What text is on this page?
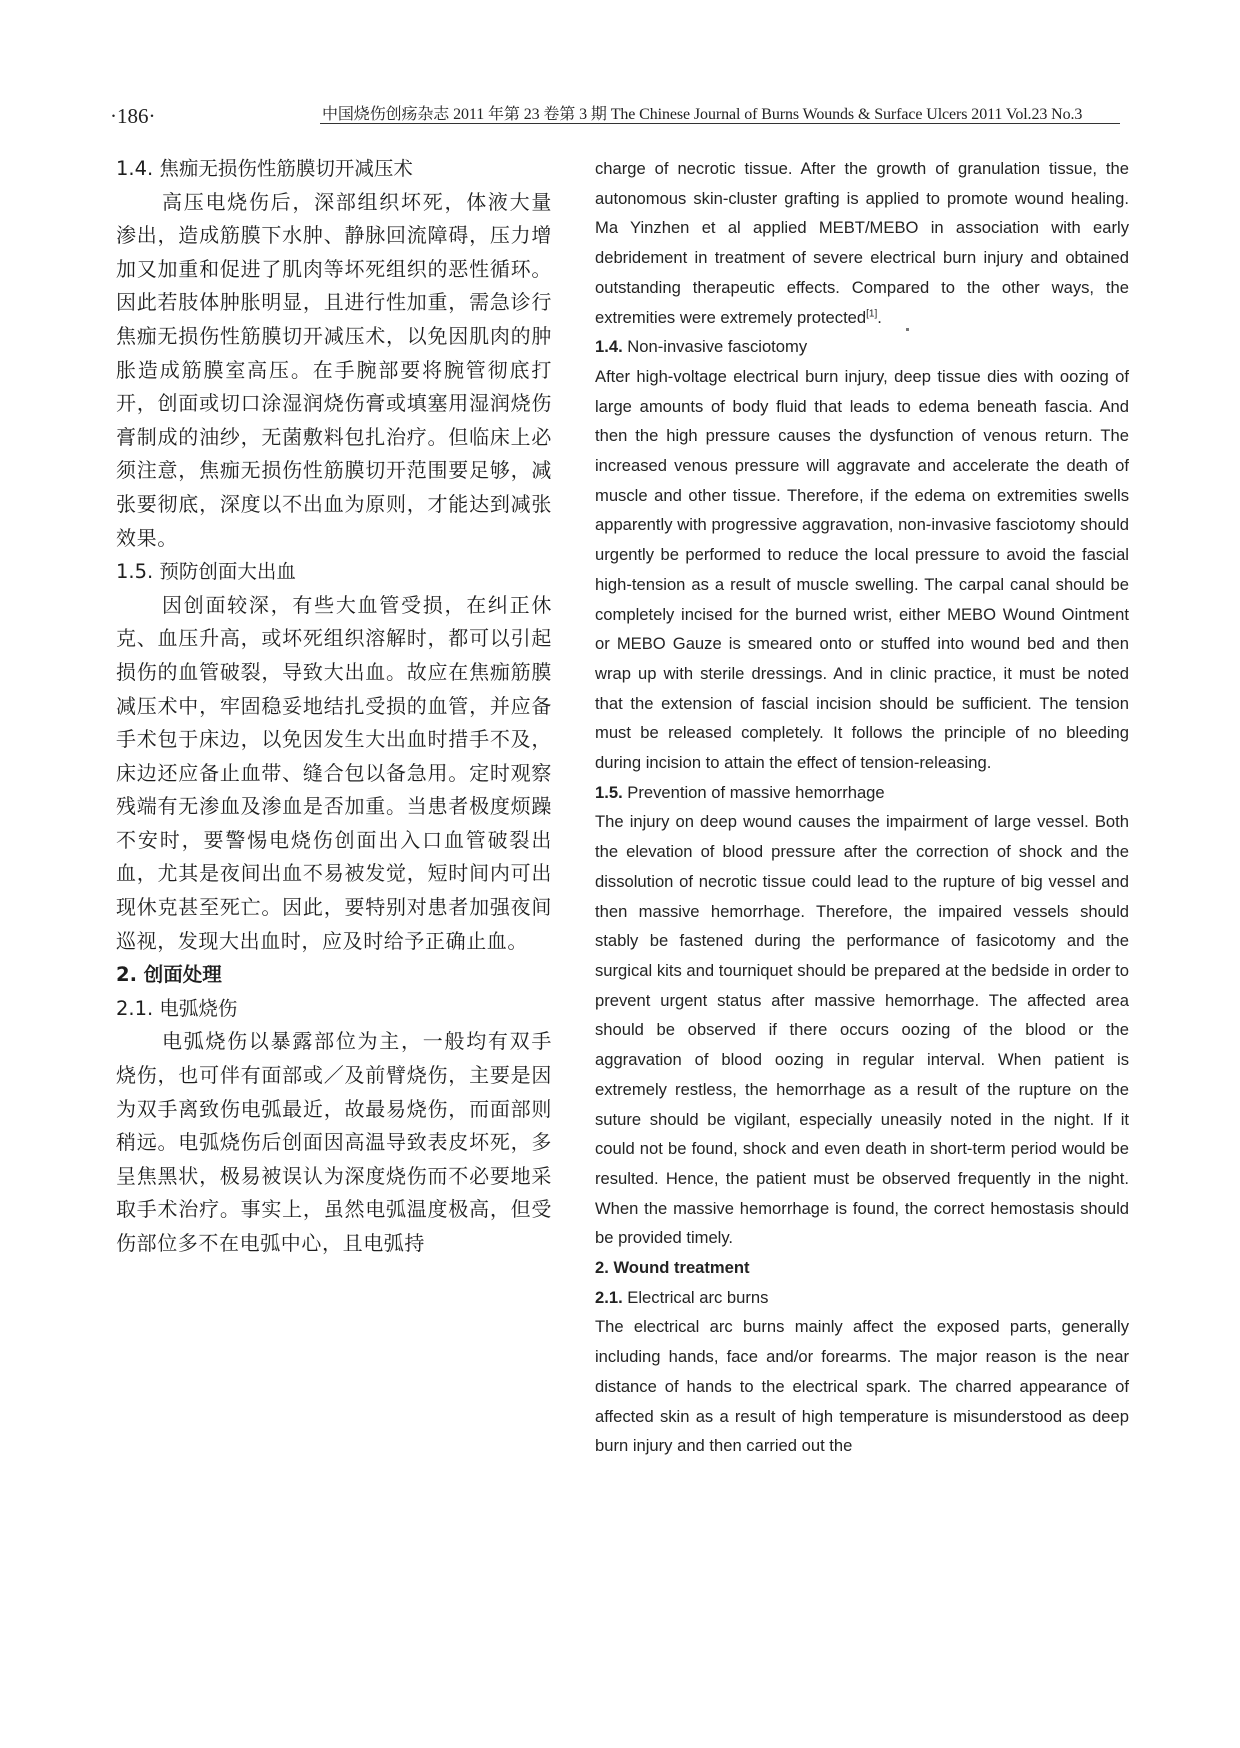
·186·	中国烧伤创疡杂志 2011 年第 23 卷第 3 期 The Chinese Journal of Burns Wounds & Surface Ulcers 2011 Vol.23 No.3

1.4. 焦痂无损伤性筋膜切开减压术

高压电烧伤后，深部组织坏死，体液大量渗出，造成筋膜下水肿、静脉回流障碍，压力增加又加重和促进了肌肉等坏死组织的恶性循环。因此若肢体肿胀明显，且进行性加重，需急诊行焦痂无损伤性筋膜切开减压术，以免因肌肉的肿胀造成筋膜室高压。在手腕部要将腕管彻底打开，创面或切口涂湿润烧伤膏或填塞用湿润烧伤膏制成的油纱，无菌敷料包扎治疗。但临床上必须注意，焦痂无损伤性筋膜切开范围要足够，减张要彻底，深度以不出血为原则，才能达到减张效果。

1.5. 预防创面大出血

因创面较深，有些大血管受损，在纠正休克、血压升高，或坏死组织溶解时，都可以引起损伤的血管破裂，导致大出血。故应在焦痂筋膜减压术中，牢固稳妥地结扎受损的血管，并应备手术包于床边，以免因发生大出血时措手不及，床边还应备止血带、缝合包以备急用。定时观察残端有无渗血及渗血是否加重。当患者极度烦躁不安时，要警惕电烧伤创面出入口血管破裂出血，尤其是夜间出血不易被发觉，短时间内可出现休克甚至死亡。因此，要特别对患者加强夜间巡视，发现大出血时，应及时给予正确止血。

2. 创面处理

2.1. 电弧烧伤

电弧烧伤以暴露部位为主，一般均有双手烧伤，也可伴有面部或／及前臂烧伤，主要是因为双手离致伤电弧最近，故最易烧伤，而面部则稍远。电弧烧伤后创面因高温导致表皮坏死，多呈焦黑状，极易被误认为深度烧伤而不必要地采取手术治疗。事实上，虽然电弧温度极高，但受伤部位多不在电弧中心，且电弧持

charge of necrotic tissue. After the growth of granulation tissue, the autonomous skin-cluster grafting is applied to promote wound healing. Ma Yinzhen et al applied MEBT/MEBO in association with early debridement in treatment of severe electrical burn injury and obtained outstanding therapeutic effects. Compared to the other ways, the extremities were extremely protected[1].

1.4. Non-invasive fasciotomy

After high-voltage electrical burn injury, deep tissue dies with oozing of large amounts of body fluid that leads to edema beneath fascia. And then the high pressure causes the dysfunction of venous return. The increased venous pressure will aggravate and accelerate the death of muscle and other tissue. Therefore, if the edema on extremities swells apparently with progressive aggravation, non-invasive fasciotomy should urgently be performed to reduce the local pressure to avoid the fascial high-tension as a result of muscle swelling. The carpal canal should be completely incised for the burned wrist, either MEBO Wound Ointment or MEBO Gauze is smeared onto or stuffed into wound bed and then wrap up with sterile dressings. And in clinic practice, it must be noted that the extension of fascial incision should be sufficient. The tension must be released completely. It follows the principle of no bleeding during incision to attain the effect of tension-releasing.

1.5. Prevention of massive hemorrhage

The injury on deep wound causes the impairment of large vessel. Both the elevation of blood pressure after the correction of shock and the dissolution of necrotic tissue could lead to the rupture of big vessel and then massive hemorrhage. Therefore, the impaired vessels should stably be fastened during the performance of fasicotomy and the surgical kits and tourniquet should be prepared at the bedside in order to prevent urgent status after massive hemorrhage. The affected area should be observed if there occurs oozing of the blood or the aggravation of blood oozing in regular interval. When patient is extremely restless, the hemorrhage as a result of the rupture on the suture should be vigilant, especially uneasily noted in the night. If it could not be found, shock and even death in short-term period would be resulted. Hence, the patient must be observed frequently in the night. When the massive hemorrhage is found, the correct hemostasis should be provided timely.

2. Wound treatment

2.1. Electrical arc burns

The electrical arc burns mainly affect the exposed parts, generally including hands, face and/or forearms. The major reason is the near distance of hands to the electrical spark. The charred appearance of affected skin as a result of high temperature is misunderstood as deep burn injury and then carried out the
